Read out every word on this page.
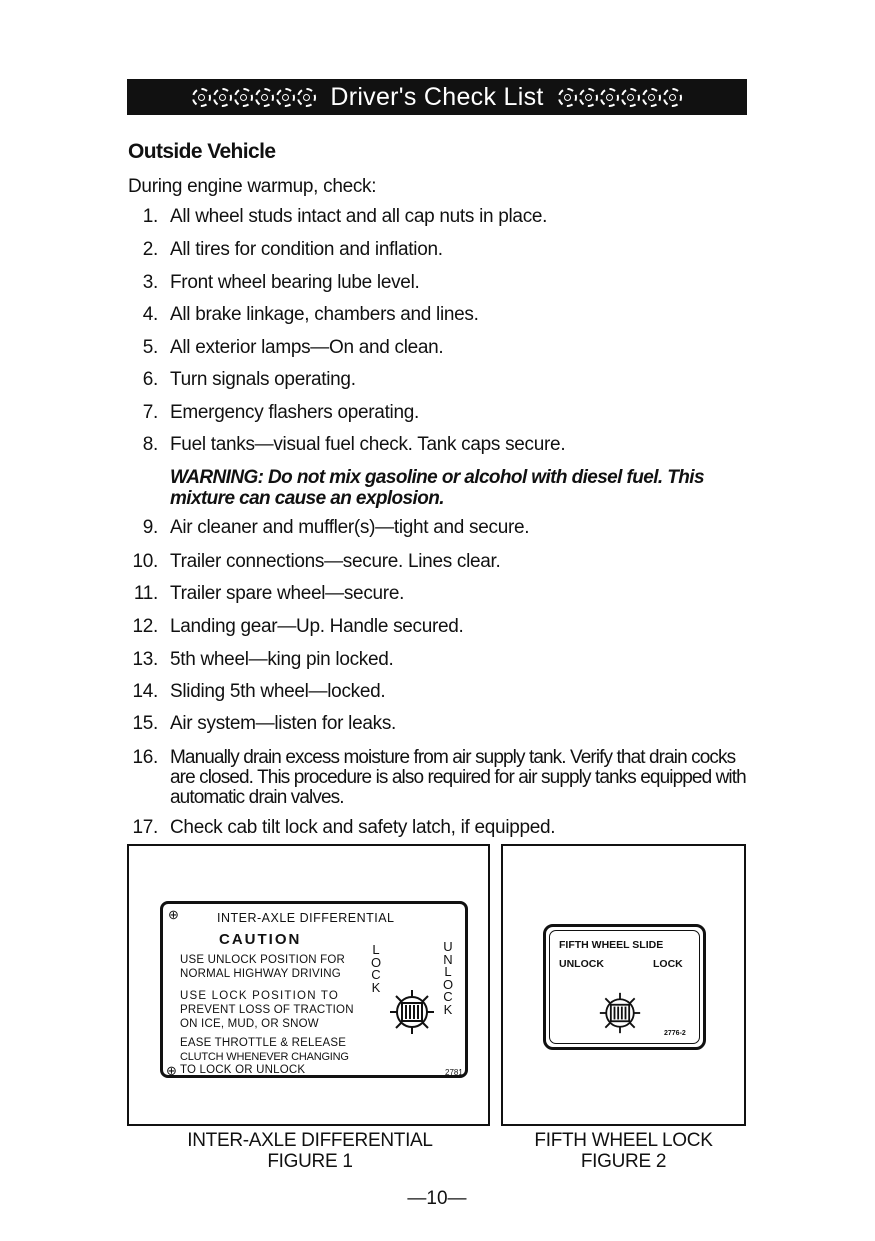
Driver's Check List
Outside Vehicle
During engine warmup, check:
1. All wheel studs intact and all cap nuts in place.
2. All tires for condition and inflation.
3. Front wheel bearing lube level.
4. All brake linkage, chambers and lines.
5. All exterior lamps—On and clean.
6. Turn signals operating.
7. Emergency flashers operating.
8. Fuel tanks—visual fuel check. Tank caps secure.
9. Air cleaner and muffler(s)—tight and secure.
10. Trailer connections—secure. Lines clear.
11. Trailer spare wheel—secure.
12. Landing gear—Up. Handle secured.
13. 5th wheel—king pin locked.
14. Sliding 5th wheel—locked.
15. Air system—listen for leaks.
16. Manually drain excess moisture from air supply tank. Verify that drain cocks are closed. This procedure is also required for air supply tanks equipped with automatic drain valves.
17. Check cab tilt lock and safety latch, if equipped.
WARNING: Do not mix gasoline or alcohol with diesel fuel. This mixture can cause an explosion.
⊕	INTER-AXLE DIFFERENTIAL
CAUTION
USE UNLOCK POSITION FOR
NORMAL HIGHWAY DRIVING
USE LOCK POSITION TO
PREVENT LOSS OF TRACTION
ON ICE, MUD, OR SNOW
EASE THROTTLE & RELEASE
CLUTCH WHENEVER CHANGING
⊕ TO LOCK OR UNLOCK
L
O
C
K
U
N
L
O
C
K
2781
FIFTH WHEEL SLIDE
UNLOCK	LOCK
2776-2
INTER-AXLE DIFFERENTIAL
FIGURE 1
FIFTH WHEEL LOCK
FIGURE 2
—10—
